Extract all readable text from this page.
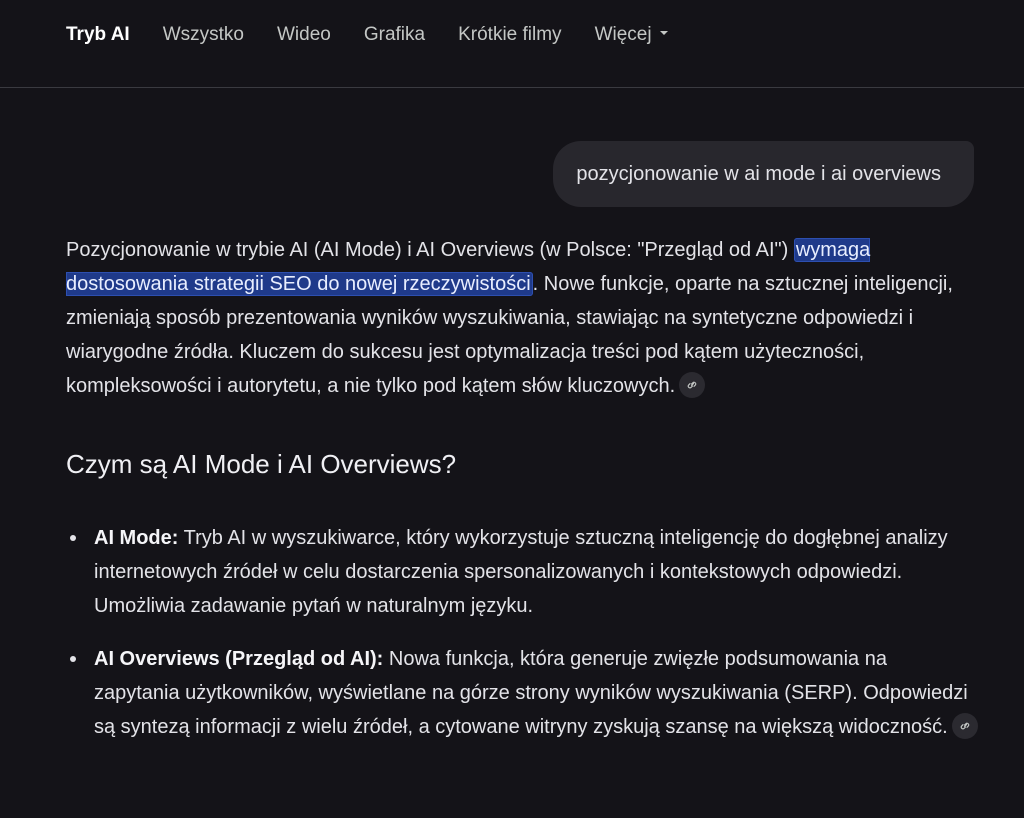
Tryb AI Wszystko Wideo Grafika Krótkie filmy Więcej
pozycjonowanie w ai mode i ai overviews

Pozycjonowanie w trybie AI (AI Mode) i AI Overviews (w Polsce: "Przegląd od AI") wymaga dostosowania strategii SEO do nowej rzeczywistości . Nowe funkcje, oparte na sztucznej inteligencji, zmieniają sposób prezentowania wyników wyszukiwania, stawiając na syntetyczne odpowiedzi i wiarygodne źródła. Kluczem do sukcesu jest optymalizacja treści pod kątem użyteczności, kompleksowości i autorytetu, a nie tylko pod kątem słów kluczowych.

Czym są AI Mode i AI Overviews?
AI Mode: Tryb AI w wyszukiwarce, który wykorzystuje sztuczną inteligencję do dogłębnej analizy internetowych źródeł w celu dostarczenia spersonalizowanych i kontekstowych odpowiedzi. Umożliwia zadawanie pytań w naturalnym języku.
AI Overviews (Przegląd od AI): Nowa funkcja, która generuje zwięzłe podsumowania na zapytania użytkowników, wyświetlane na górze strony wyników wyszukiwania (SERP). Odpowiedzi są syntezą informacji z wielu źródeł, a cytowane witryny zyskują szansę na większą widoczność.
